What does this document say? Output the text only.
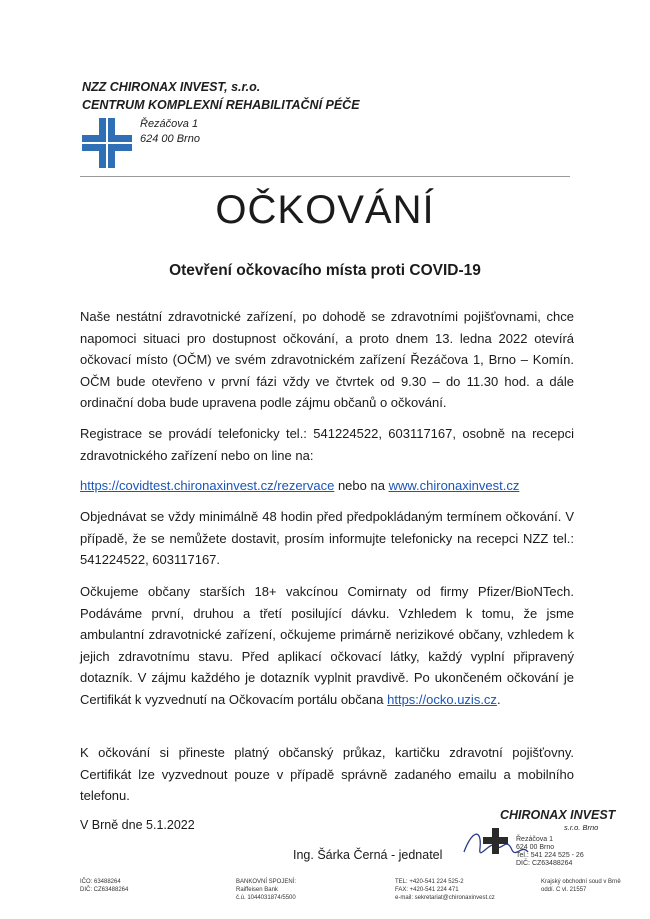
NZZ CHIRONAX INVEST, s.r.o.
CENTRUM KOMPLEXNÍ REHABILITAČNÍ PÉČE
Řezáčova 1
624 00 Brno
OČKOVÁNÍ
Otevření očkovacího místa proti COVID-19
Naše nestátní zdravotnické zařízení, po dohodě se zdravotními pojišťovnami, chce napomoci situaci pro dostupnost očkování, a proto dnem 13. ledna 2022 otevírá očkovací místo (OČM) ve svém zdravotnickém zařízení Řezáčova 1, Brno – Komín. OČM bude otevřeno v první fázi vždy ve čtvrtek od 9.30 – do 11.30 hod. a dále ordinační doba bude upravena podle zájmu občanů o očkování.
Registrace se provádí telefonicky tel.: 541224522, 603117167, osobně na recepci zdravotnického zařízení nebo on line na:
https://covidtest.chironaxinvest.cz/rezervace nebo na www.chironaxinvest.cz
Objednávat se vždy minimálně 48 hodin před předpokládaným termínem očkování. V případě, že se nemůžete dostavit, prosím informujte telefonicky na recepci NZZ tel.: 541224522, 603117167.
Očkujeme občany starších 18+ vakcínou Comirnaty od firmy Pfizer/BioNTech. Podáváme první, druhou a třetí posilující dávku. Vzhledem k tomu, že jsme ambulantní zdravotnické zařízení, očkujeme primárně nerizikové občany, vzhledem k jejich zdravotnímu stavu. Před aplikací očkovací látky, každý vyplní připravený dotazník. V zájmu každého je dotazník vyplnit pravdivě. Po ukončeném očkování je Certifikát k vyzvednutí na Očkovacím portálu občana https://ocko.uzis.cz.
K očkování si přineste platný občanský průkaz, kartičku zdravotní pojišťovny. Certifikát lze vyzvednout pouze v případě správně zadaného emailu a mobilního telefonu.
V Brně dne 5.1.2022
Ing. Šárka Černá - jednatel
CHIRONAX INVEST
s.r.o. Brno
Řezáčova 1
624 00 Brno
Tel.: 541 224 525 - 26
DIČ: CZ63488264
IČO: 63488264
DIČ: CZ63488264
BANKOVNÍ SPOJENÍ:
Raiffeisen Bank
č.ú. 1044031874/5500
TEL: +420-541 224 525-2
FAX: +420-541 224 471
e-mail: sekretariat@chironaxinvest.cz
Krajský obchodní soud v Brně
oddí. C vl. 21557
